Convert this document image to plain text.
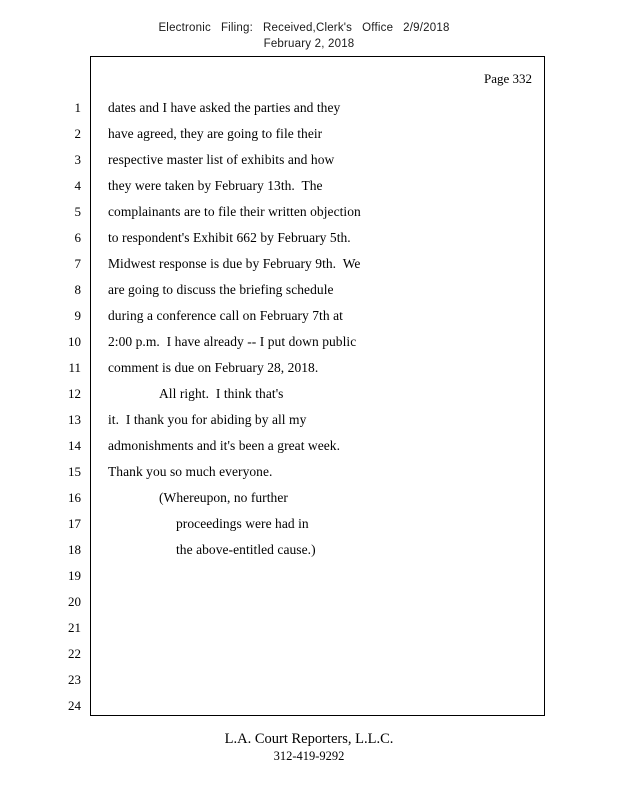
Electronic Filing: Received,Clerk's Office 2/9/2018
February 2, 2018
Page 332
1 dates and I have asked the parties and they
2 have agreed, they are going to file their
3 respective master list of exhibits and how
4 they were taken by February 13th.  The
5 complainants are to file their written objection
6 to respondent's Exhibit 662 by February 5th.
7 Midwest response is due by February 9th.  We
8 are going to discuss the briefing schedule
9 during a conference call on February 7th at
10 2:00 p.m.  I have already -- I put down public
11 comment is due on February 28, 2018.
12	All right.  I think that's
13 it.  I thank you for abiding by all my
14 admonishments and it's been a great week.
15 Thank you so much everyone.
16	(Whereupon, no further
17	proceedings were had in
18	the above-entitled cause.)
19
20
21
22
23
24
L.A. Court Reporters, L.L.C.
312-419-9292
